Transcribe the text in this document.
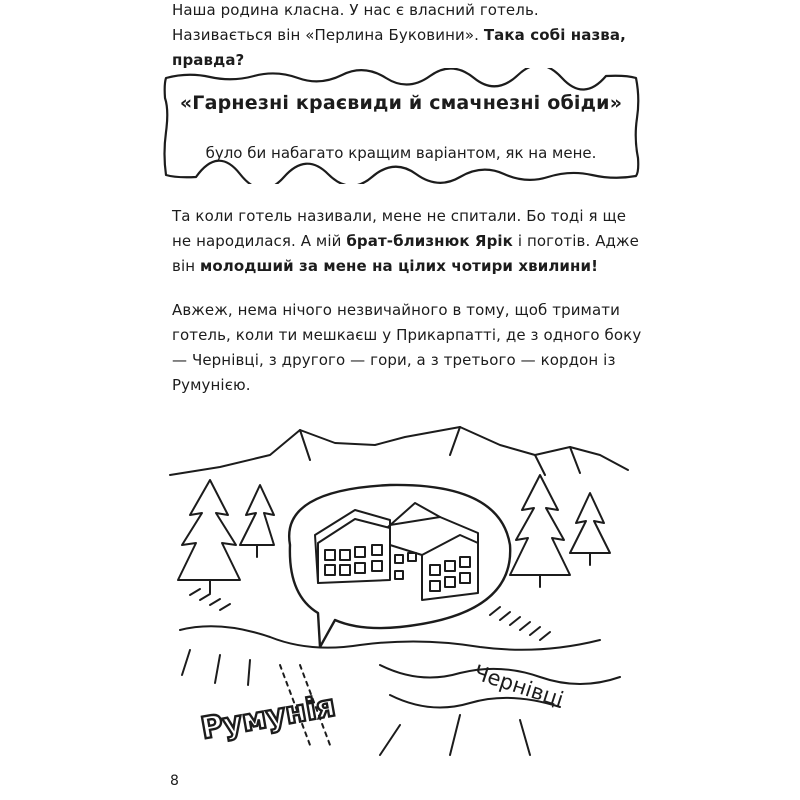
Наша родина класна. У нас є власний готель. Називається він «Перлина Буковини». Така собі назва, правда?

«Гарнезні краєвиди й смачнезні обіди»
було би набагато кращим варіантом, як на мене.

Та коли готель називали, мене не спитали. Бо тоді я ще не народилася. А мій брат-близнюк Ярік і поготів. Адже він молодший за мене на цілих чотири хвилини!

Авжеж, нема нічого незвичайного в тому, щоб тримати готель, коли ти мешкаєш у Прикарпатті, де з одного боку — Чернівці, з другого — гори, а з третього — кордон із Румунією.

Румунія
Чернівці
8
